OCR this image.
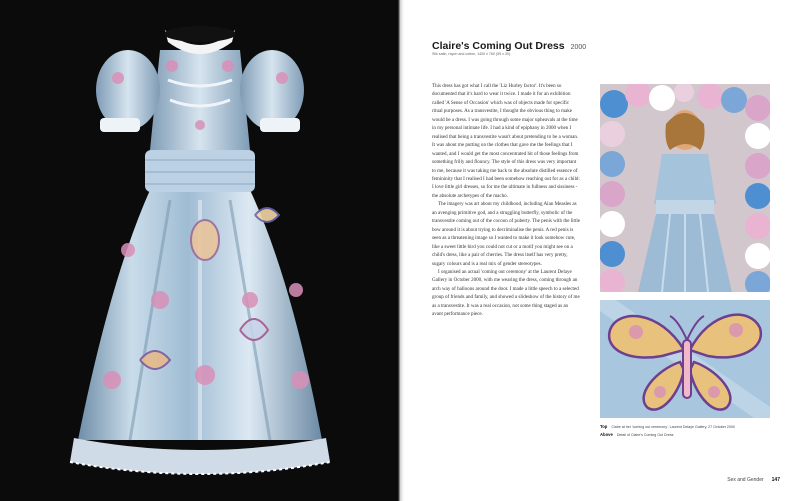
Claire's Coming Out Dress 2000
Silk satin, rayon and cotton, 1400 x 760 (55 x 30)

This dress has got what I call the 'Liz Hurley factor'. It's been so documented that it's hard to wear it twice. I made it for an exhibition called 'A Sense of Occasion' which was of objects made for specific ritual purposes. As a transvestite, I thought the obvious thing to make would be a dress. I was going through some major upheavals at the time in my personal intimate life. I had a kind of epiphany in 2000 when I realised that being a transvestite wasn't about pretending to be a woman. It was about me putting on the clothes that gave me the feelings that I wanted, and I would get the most concentrated hit of those feelings from something frilly and flouncy. The style of this dress was very important to me, because it was taking me back to the absolute distilled essence of femininity that I realised I had been somehow reaching out for as a child: I love little girl dresses, so for me the ultimate in fullness and sissiness - the absolute archetypes of the macho.

The imagery was art about my childhood, including Alan Measles as an avenging primitive god, and a struggling butterfly, symbolic of the transvestite coming out of the cocoon of puberty. The penis with the little bow around it is about trying to decriminalise the penis. A red penis is seen as a threatening image so I wanted to make it look somehow cute, like a sweet little bird you could not cut or a motif you might see on a child's dress, like a pair of cherries. The dress itself has very pretty, sugary colours and is a real mix of gender stereotypes.

I organised an actual 'coming out ceremony' at the Laurent Delaye Gallery in October 2000, with me wearing the dress, coming through an arch way of balloons around the door. I made a little speech to a selected group of friends and family, and showed a slideshow of the history of me as a transvestite. It was a real occasion, not some thing staged as an avant performance piece.

Top Claire at her 'coming out ceremony', Laurent Delaye Gallery, 27 October 2000
Above Detail of Claire's Coming Out Dress
Sex and Gender 147
